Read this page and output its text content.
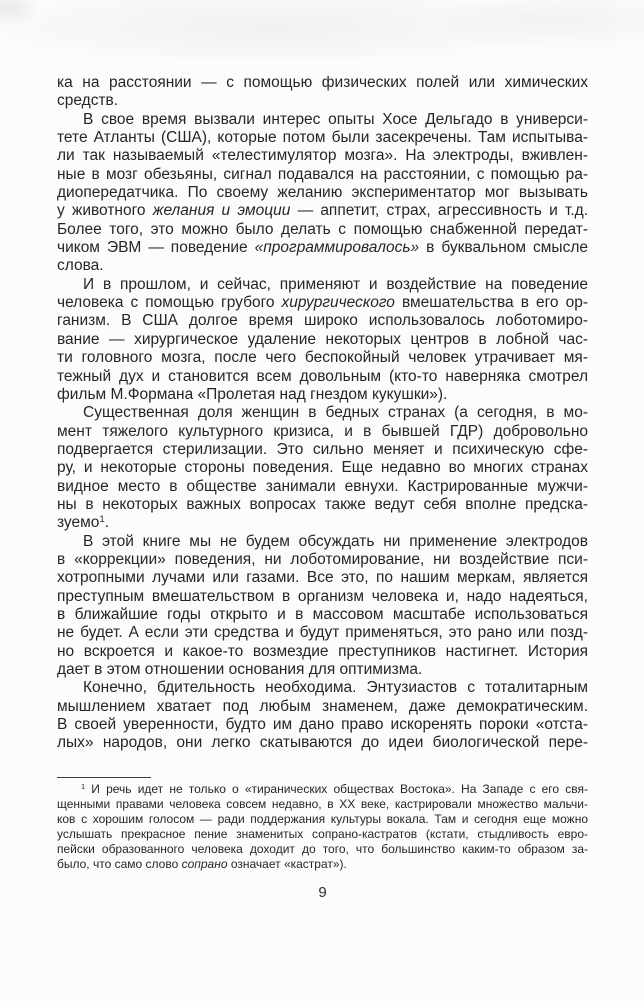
ка на расстоянии — с помощью физических полей или химических
средств.
В свое время вызвали интерес опыты Хосе Дельгадо в универси-
тете Атланты (США), которые потом были засекречены. Там испытыва-
ли так называемый «телестимулятор мозга». На электроды, вживлен-
ные в мозг обезьяны, сигнал подавался на расстоянии, с помощью ра-
диопередатчика. По своему желанию экспериментатор мог вызывать
у животного желания и эмоции — аппетит, страх, агрессивность и т.д.
Более того, это можно было делать с помощью снабженной передат-
чиком ЭВМ — поведение «программировалось» в буквальном смысле
слова.
И в прошлом, и сейчас, применяют и воздействие на поведение
человека с помощью грубого хирургического вмешательства в его ор-
ганизм. В США долгое время широко использовалось лоботомиро-
вание — хирургическое удаление некоторых центров в лобной час-
ти головного мозга, после чего беспокойный человек утрачивает мя-
тежный дух и становится всем довольным (кто-то наверняка смотрел
фильм М.Формана «Пролетая над гнездом кукушки»).
Существенная доля женщин в бедных странах (а сегодня, в мо-
мент тяжелого культурного кризиса, и в бывшей ГДР) добровольно
подвергается стерилизации. Это сильно меняет и психическую сфе-
ру, и некоторые стороны поведения. Еще недавно во многих странах
видное место в обществе занимали евнухи. Кастрированные мужчи-
ны в некоторых важных вопросах также ведут себя вполне предска-
зуемо$^1$.
В этой книге мы не будем обсуждать ни применение электродов
в «коррекции» поведения, ни лоботомирование, ни воздействие пси-
хотропными лучами или газами. Все это, по нашим меркам, является
преступным вмешательством в организм человека и, надо надеяться,
в ближайшие годы открыто и в массовом масштабе использоваться
не будет. А если эти средства и будут применяться, это рано или позд-
но вскроется и какое-то возмездие преступников настигнет. История
дает в этом отношении основания для оптимизма.
Конечно, бдительность необходима. Энтузиастов с тоталитарным
мышлением хватает под любым знаменем, даже демократическим.
В своей уверенности, будто им дано право искоренять пороки «отста-
лых» народов, они легко скатываются до идеи биологической пере-
$^1$ И речь идет не только о «тиранических обществах Востока». На Западе с его свя-
щенными правами человека совсем недавно, в XX веке, кастрировали множество мальчи-
ков с хорошим голосом — ради поддержания культуры вокала. Там и сегодня еще можно
услышать прекрасное пение знаменитых сопрано-кастратов (кстати, стыдливость евро-
пейски образованного человека доходит до того, что большинство каким-то образом за-
было, что само слово сопрано означает «кастрат»).
9
